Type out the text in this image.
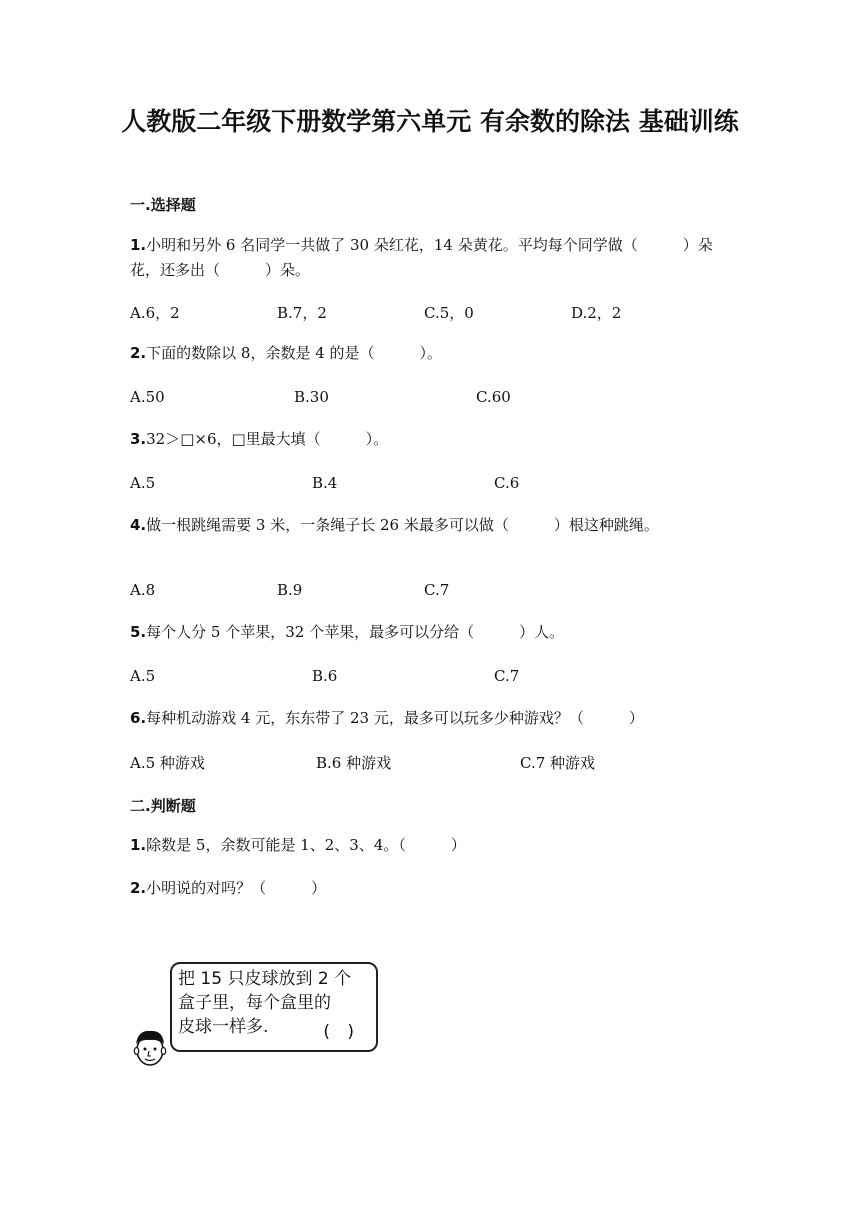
人教版二年级下册数学第六单元 有余数的除法 基础训练
一.选择题
1.小明和另外 6 名同学一共做了 30 朵红花，14 朵黄花。平均每个同学做（　　　）朵花，还多出（　　　）朵。
A.6，2	B.7，2	C.5，0	D.2，2
2.下面的数除以 8，余数是 4 的是（　　　）。
A.50	B.30	C.60
3.32＞□×6，□里最大填（　　　）。
A.5	B.4	C.6
4.做一根跳绳需要 3 米，一条绳子长 26 米最多可以做（　　　）根这种跳绳。
A.8	B.9	C.7
5.每个人分 5 个苹果，32 个苹果，最多可以分给（　　　）人。
A.5	B.6	C.7
6.每种机动游戏 4 元，东东带了 23 元，最多可以玩多少种游戏？（　　　）
A.5 种游戏	B.6 种游戏	C.7 种游戏
二.判断题
1.除数是 5，余数可能是 1、2、3、4。（　　　）
2.小明说的对吗？（　　　）
把 15 只皮球放到 2 个
盒子里，每个盒里的
皮球一样多.	( )
